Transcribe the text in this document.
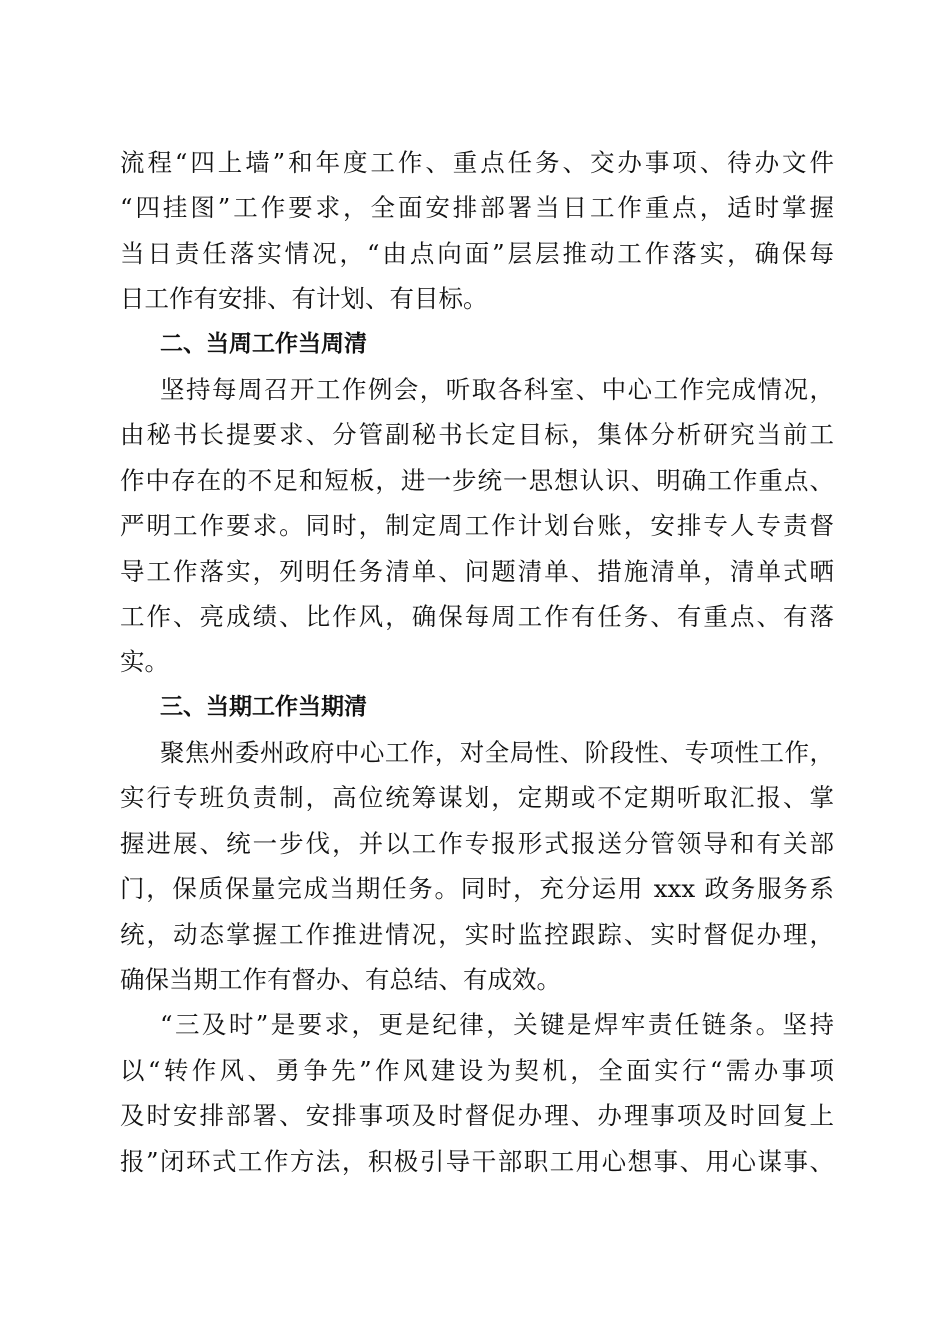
流程“四上墙”和年度工作、重点任务、交办事项、待办文件
“四挂图”工作要求，全面安排部署当日工作重点，适时掌握
当日责任落实情况，“由点向面”层层推动工作落实，确保每
日工作有安排、有计划、有目标。
二、当周工作当周清
坚持每周召开工作例会，听取各科室、中心工作完成情况，
由秘书长提要求、分管副秘书长定目标，集体分析研究当前工
作中存在的不足和短板，进一步统一思想认识、明确工作重点、
严明工作要求。同时，制定周工作计划台账，安排专人专责督
导工作落实，列明任务清单、问题清单、措施清单，清单式晒
工作、亮成绩、比作风，确保每周工作有任务、有重点、有落
实。
三、当期工作当期清
聚焦州委州政府中心工作，对全局性、阶段性、专项性工作，
实行专班负责制，高位统筹谋划，定期或不定期听取汇报、掌
握进展、统一步伐，并以工作专报形式报送分管领导和有关部
门，保质保量完成当期任务。同时，充分运用 xxx 政务服务系
统，动态掌握工作推进情况，实时监控跟踪、实时督促办理，
确保当期工作有督办、有总结、有成效。
“三及时”是要求，更是纪律，关键是焊牢责任链条。坚持
以“转作风、勇争先”作风建设为契机，全面实行“需办事项
及时安排部署、安排事项及时督促办理、办理事项及时回复上
报”闭环式工作方法，积极引导干部职工用心想事、用心谋事、
